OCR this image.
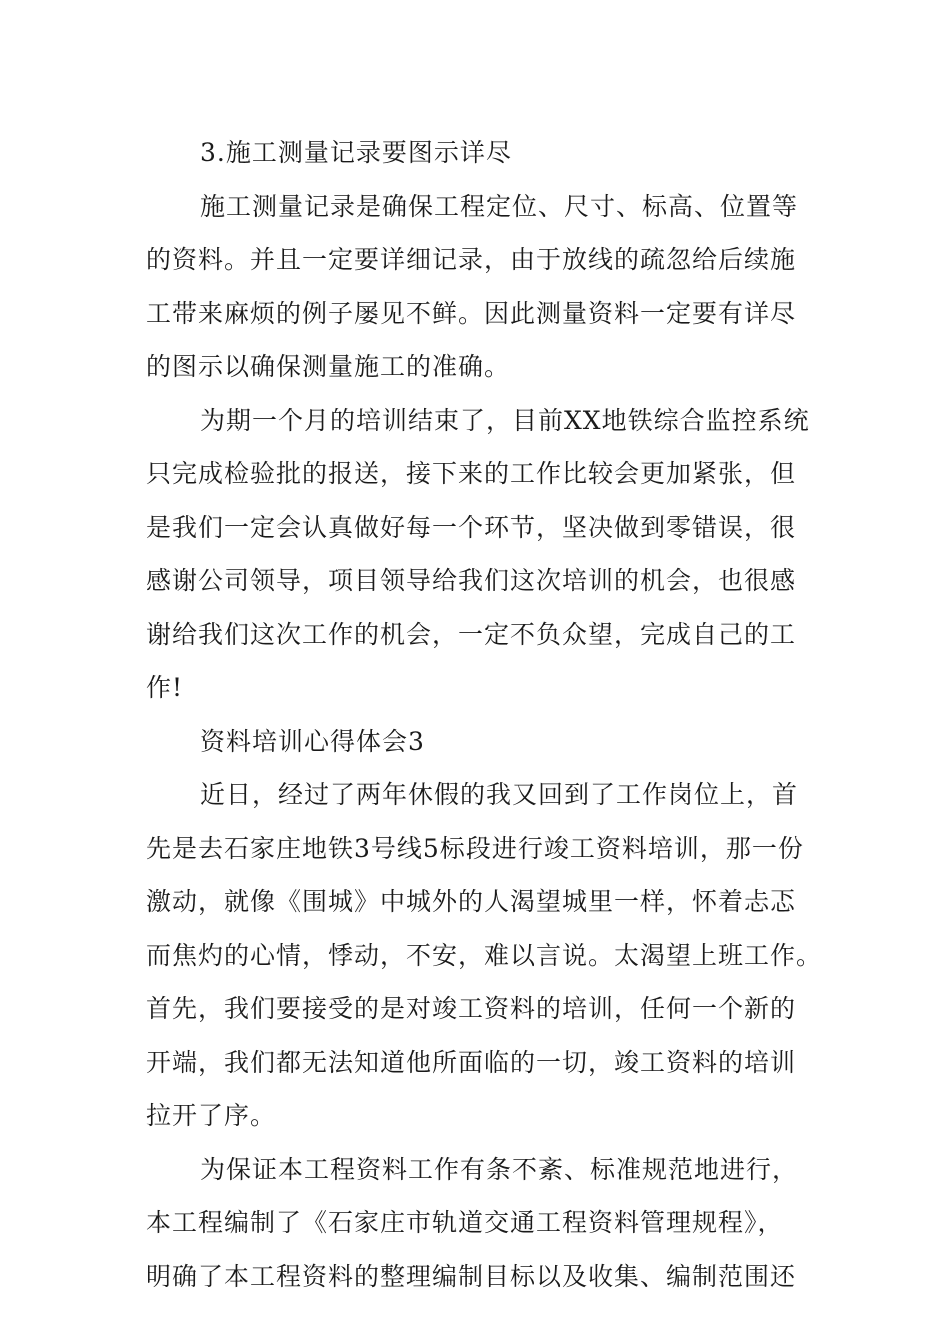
3.施工测量记录要图示详尽

施工测量记录是确保工程定位、尺寸、标高、位置等
的资料。并且一定要详细记录，由于放线的疏忽给后续施
工带来麻烦的例子屡见不鲜。因此测量资料一定要有详尽
的图示以确保测量施工的准确。

为期一个月的培训结束了，目前XX地铁综合监控系统
只完成检验批的报送，接下来的工作比较会更加紧张，但
是我们一定会认真做好每一个环节，坚决做到零错误，很
感谢公司领导，项目领导给我们这次培训的机会，也很感
谢给我们这次工作的机会，一定不负众望，完成自己的工
作!

资料培训心得体会3

近日，经过了两年休假的我又回到了工作岗位上，首
先是去石家庄地铁3号线5标段进行竣工资料培训，那一份
激动，就像《围城》中城外的人渴望城里一样，怀着忐忑
而焦灼的心情，悸动，不安，难以言说。太渴望上班工作。
首先，我们要接受的是对竣工资料的培训，任何一个新的
开端，我们都无法知道他所面临的一切，竣工资料的培训
拉开了序。

为保证本工程资料工作有条不紊、标准规范地进行，
本工程编制了《石家庄市轨道交通工程资料管理规程》，
明确了本工程资料的整理编制目标以及收集、编制范围还
